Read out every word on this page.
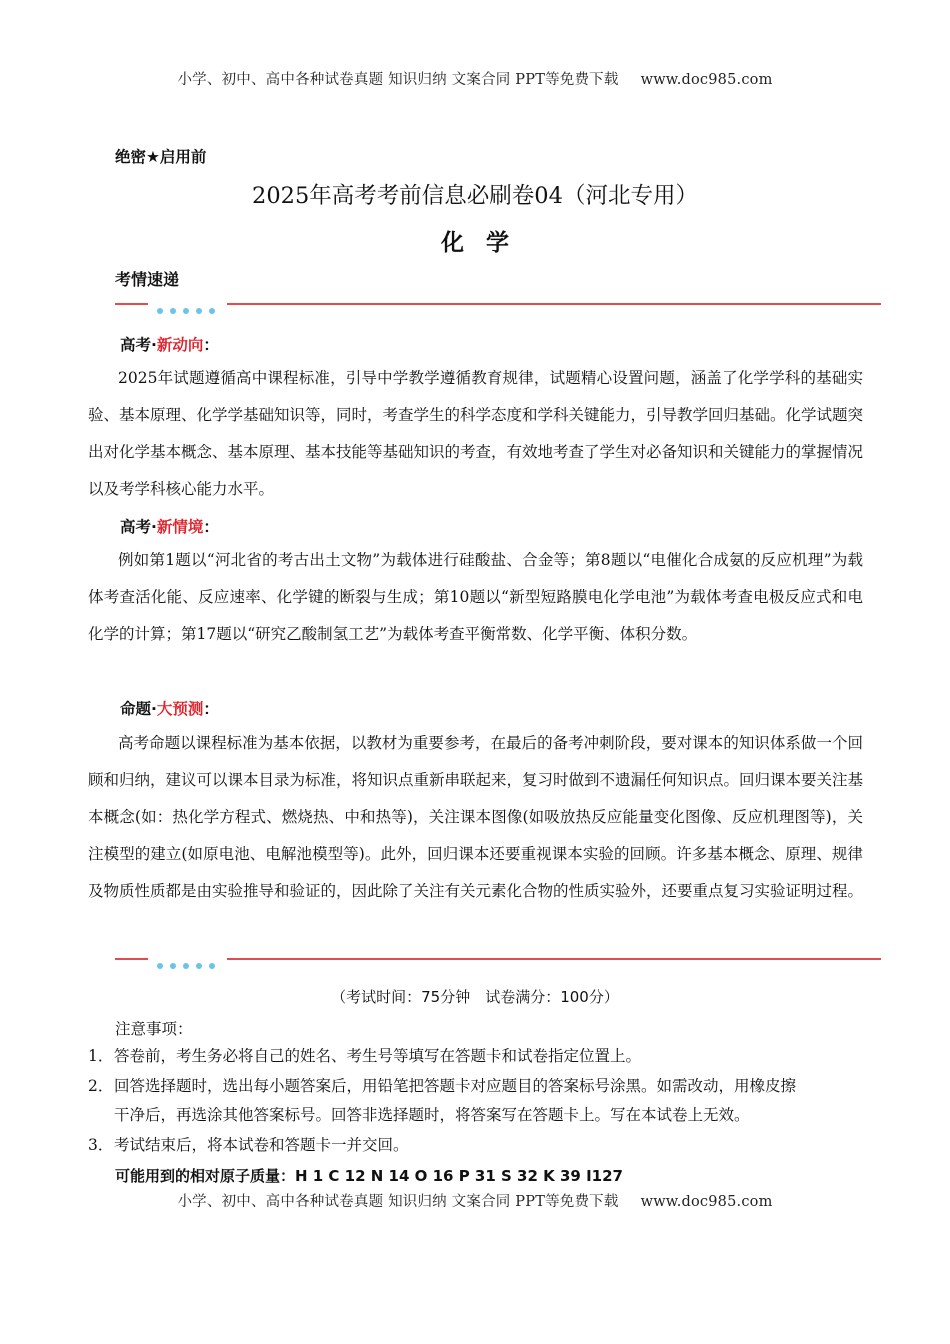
小学、初中、高中各种试卷真题 知识归纳 文案合同 PPT等免费下载 www.doc985.com
绝密★启用前
2025年高考考前信息必刷卷04（河北专用）
化学
考情速递
高考·新动向：
2025年试题遵循高中课程标准，引导中学教学遵循教育规律，试题精心设置问题，涵盖了化学学科的基础实验、基本原理、化学学基础知识等，同时，考查学生的科学态度和学科关键能力，引导教学回归基础。化学试题突出对化学基本概念、基本原理、基本技能等基础知识的考查，有效地考查了学生对必备知识和关键能力的掌握情况以及考学科核心能力水平。
高考·新情境：
例如第1题以“河北省的考古出土文物”为载体进行硅酸盐、合金等；第8题以“电催化合成氨的反应机理”为载体考查活化能、反应速率、化学键的断裂与生成；第10题以“新型短路膜电化学电池”为载体考查电极反应式和电化学的计算；第17题以“研究乙酸制氢工艺”为载体考查平衡常数、化学平衡、体积分数。
命题·大预测：
高考命题以课程标准为基本依据，以教材为重要参考，在最后的备考冲刺阶段，要对课本的知识体系做一个回顾和归纳，建议可以课本目录为标准，将知识点重新串联起来，复习时做到不遗漏任何知识点。回归课本要关注基本概念(如：热化学方程式、燃烧热、中和热等)，关注课本图像(如吸放热反应能量变化图像、反应机理图等)，关注模型的建立(如原电池、电解池模型等)。此外，回归课本还要重视课本实验的回顾。许多基本概念、原理、规律及物质性质都是由实验推导和验证的，因此除了关注有关元素化合物的性质实验外，还要重点复习实验证明过程。
（考试时间：75分钟　试卷满分：100分）
注意事项：
1．答卷前，考生务必将自己的姓名、考生号等填写在答题卡和试卷指定位置上。
2．回答选择题时，选出每小题答案后，用铅笔把答题卡对应题目的答案标号涂黑。如需改动，用橡皮擦
干净后，再选涂其他答案标号。回答非选择题时，将答案写在答题卡上。写在本试卷上无效。
3．考试结束后，将本试卷和答题卡一并交回。
可能用到的相对原子质量：H 1 C 12 N 14 O 16 P 31 S 32 K 39 I127
小学、初中、高中各种试卷真题 知识归纳 文案合同 PPT等免费下载 www.doc985.com
